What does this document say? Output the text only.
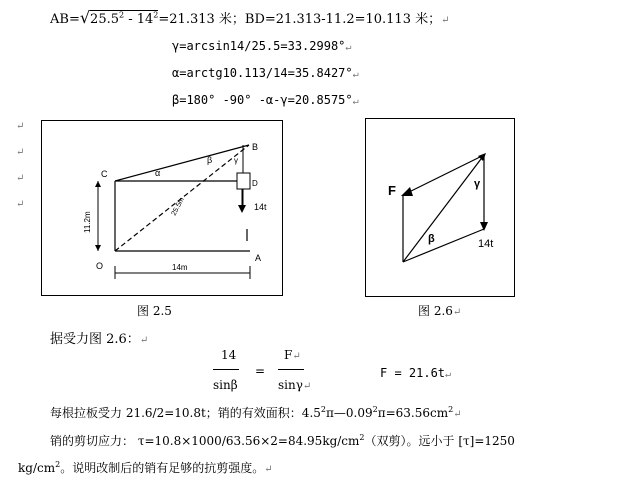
$AB=√25.5^2 - 14^2=21.313$ 米；BD=21.313-11.2=10.113 米；↵
γ=arcsin14/25.5=33.2998°↵
α=arctg10.113/14=35.8427°↵
β=180° -90° -α-γ=20.8575°↵
↵
↵
↵
↵
B
C
D
O
A
α
β	γ
14t
11.2m
14m
25.5m
图 2.5
F	γ
β	14t
图 2.6↵
据受力图 2.6：↵
14
sinβ
=
F↵
sinγ↵
F = 21.6t↵
每根拉板受力 21.6/2=10.8t；销的有效面积：$4.5^2\pi—0.09^2\pi=63.56cm^2↵$
销的剪切应力： $\tau=10.8\times 1000/63.56\times 2=84.95kg/cm^2$（双剪）。远小于 [τ]=1250
$kg/cm^2$。说明改制后的销有足够的抗剪强度。↵
